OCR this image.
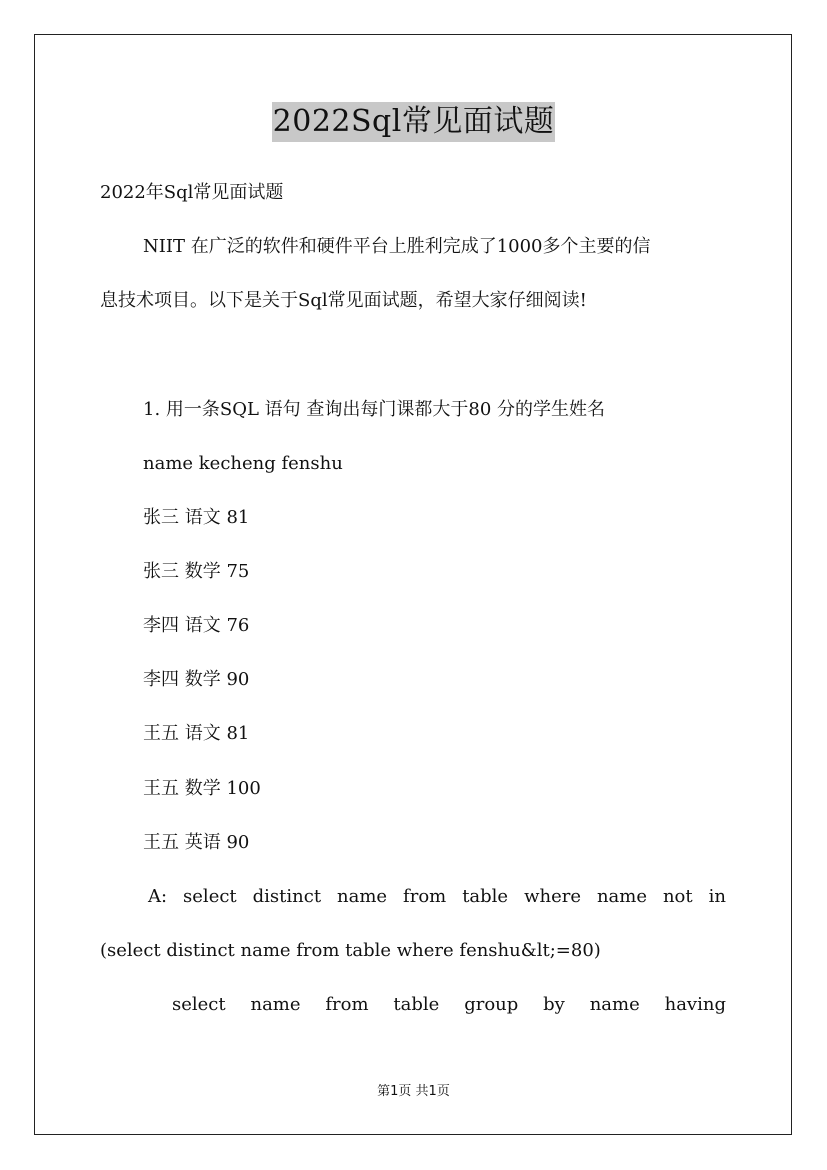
2022Sql常见面试题
2022年Sql常见面试题
NIIT 在广泛的软件和硬件平台上胜利完成了1000多个主要的信
息技术项目。以下是关于Sql常见面试题，希望大家仔细阅读!
1. 用一条SQL 语句 查询出每门课都大于80 分的学生姓名
name kecheng fenshu
张三 语文 81
张三 数学 75
李四 语文 76
李四 数学 90
王五 语文 81
王五 数学 100
王五 英语 90
A: select distinct name from table where name not in
(select distinct name from table where fenshu&lt;=80)
select name from table group by name having
第1页 共1页
